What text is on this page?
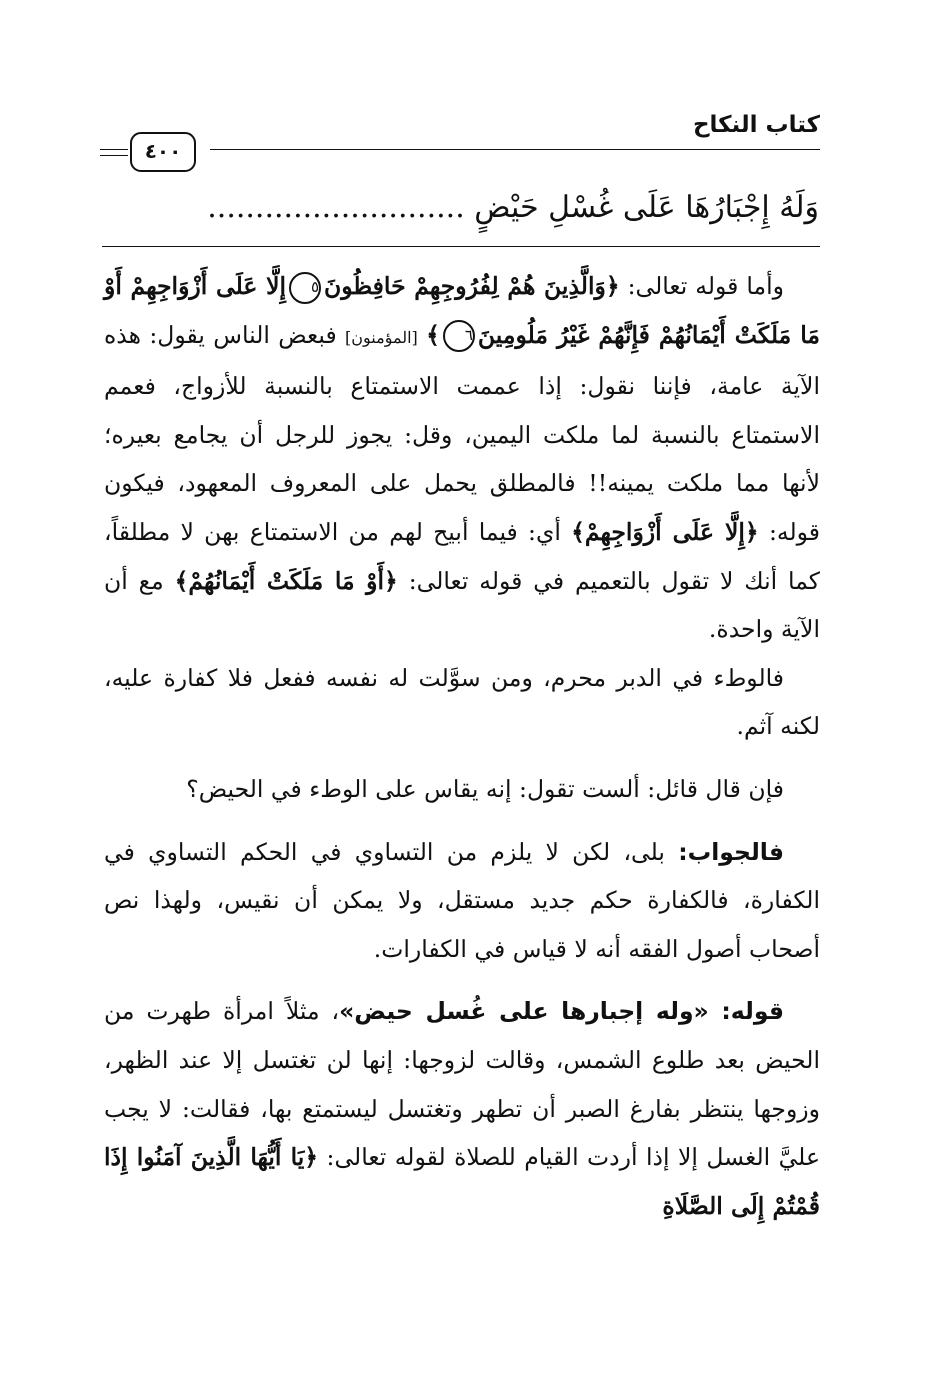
كتاب النكاح
٤٠٠
وَلَهُ إِجْبَارُهَا عَلَى غُسْلِ حَيْضٍ ...........................

وأما قوله تعالى: ﴿وَالَّذِينَ هُمْ لِفُرُوجِهِمْ حَافِظُونَ٥إِلَّا عَلَى أَزْوَاجِهِمْ أَوْ مَا مَلَكَتْ أَيْمَانُهُمْ فَإِنَّهُمْ غَيْرُ مَلُومِينَ٦﴾ [المؤمنون] فبعض الناس يقول: هذه الآية عامة، فإننا نقول: إذا عممت الاستمتاع بالنسبة للأزواج، فعمم الاستمتاع بالنسبة لما ملكت اليمين، وقل: يجوز للرجل أن يجامع بعيره؛ لأنها مما ملكت يمينه!! فالمطلق يحمل على المعروف المعهود، فيكون قوله: ﴿إِلَّا عَلَى أَزْوَاجِهِمْ﴾ أي: فيما أبيح لهم من الاستمتاع بهن لا مطلقاً، كما أنك لا تقول بالتعميم في قوله تعالى: ﴿أَوْ مَا مَلَكَتْ أَيْمَانُهُمْ﴾ مع أن الآية واحدة.

فالوطء في الدبر محرم، ومن سوَّلت له نفسه ففعل فلا كفارة عليه، لكنه آثم.

فإن قال قائل: ألست تقول: إنه يقاس على الوطء في الحيض؟

فالجواب: بلى، لكن لا يلزم من التساوي في الحكم التساوي في الكفارة، فالكفارة حكم جديد مستقل، ولا يمكن أن نقيس، ولهذا نص أصحاب أصول الفقه أنه لا قياس في الكفارات.

قوله: «وله إجبارها على غُسل حيض»، مثلاً امرأة طهرت من الحيض بعد طلوع الشمس، وقالت لزوجها: إنها لن تغتسل إلا عند الظهر، وزوجها ينتظر بفارغ الصبر أن تطهر وتغتسل ليستمتع بها، فقالت: لا يجب عليَّ الغسل إلا إذا أردت القيام للصلاة لقوله تعالى: ﴿يَا أَيُّهَا الَّذِينَ آمَنُوا إِذَا قُمْتُمْ إِلَى الصَّلَاةِ
